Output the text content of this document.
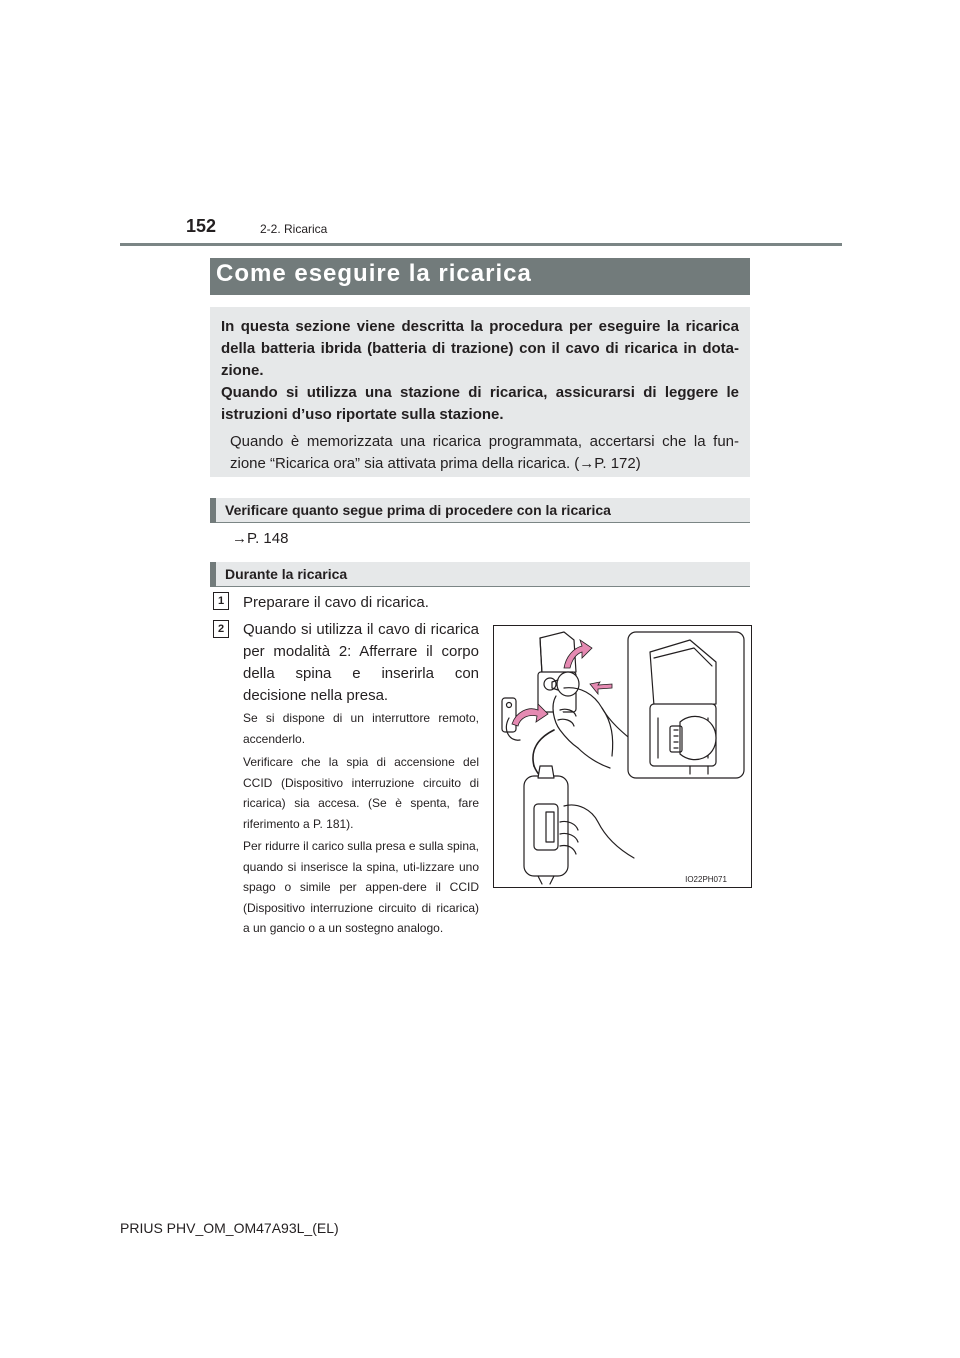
152	2-2. Ricarica
Come eseguire la ricarica
In questa sezione viene descritta la procedura per eseguire la ricarica della batteria ibrida (batteria di trazione) con il cavo di ricarica in dota-zione.
Quando si utilizza una stazione di ricarica, assicurarsi di leggere le istruzioni d’uso riportate sulla stazione.
Quando è memorizzata una ricarica programmata, accertarsi che la fun-zione “Ricarica ora” sia attivata prima della ricarica. (→P. 172)
Verificare quanto segue prima di procedere con la ricarica
→P. 148
Durante la ricarica
1	Preparare il cavo di ricarica.
2	Quando si utilizza il cavo di ricarica per modalità 2: Afferrare il corpo della spina e inserirla con decisione nella presa.
Se si dispone di un interruttore remoto, accenderlo.
Verificare che la spia di accensione del CCID (Dispositivo interruzione circuito di ricarica) sia accesa. (Se è spenta, fare riferimento a P. 181).
Per ridurre il carico sulla presa e sulla spina, quando si inserisce la spina, uti-lizzare uno spago o simile per appen-dere il CCID (Dispositivo interruzione circuito di ricarica) a un gancio o a un sostegno analogo.
IO22PH071
PRIUS PHV_OM_OM47A93L_(EL)
